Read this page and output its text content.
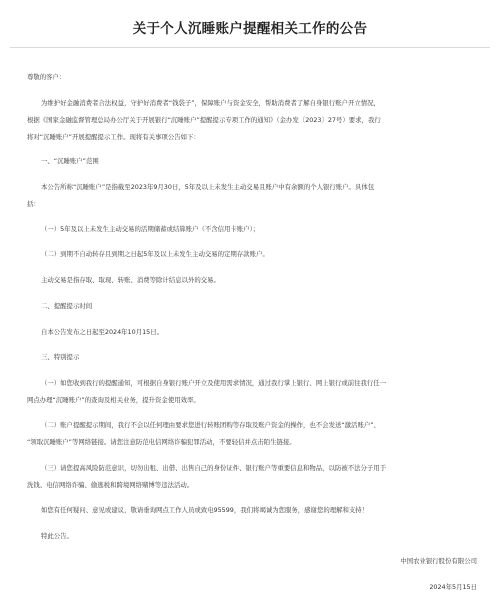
关于个人沉睡账户提醒相关工作的公告
尊敬的客户：
为维护好金融消费者合法权益，守护好消费者“钱袋子”，保障账户与资金安全，帮助消费者了解自身银行账户开立情况，
根据《国家金融监督管理总局办公厅关于开展银行“沉睡账户”提醒提示专项工作的通知》（金办发〔2023〕27号）要求，我行
将对“沉睡账户”开展提醒提示工作。现将有关事项公告如下：
一、“沉睡账户”范围
本公告所称“沉睡账户”是指截至2023年9月30日，5年及以上未发生主动交易且账户中有余额的个人银行账户。具体包
括：
（一）5年及以上未发生主动交易的活期储蓄或结算账户（不含信用卡账户）；
（二）到期不自动转存且到期之日起5年及以上未发生主动交易的定期存款账户。
主动交易是指存取、取现、转账、消费等除计结息以外的交易。
二、提醒提示时间
自本公告发布之日起至2024年10月15日。
三、特别提示
（一）如您收到我行的提醒通知，可根据自身银行账户开立及使用需求情况，通过我行掌上银行、网上银行或前往我行任一
网点办理“沉睡账户”的查询及相关业务，提升资金使用效率。
（二）账户提醒提示期间，我行不会以任何理由要求您进行转账团购等存取及账户资金的操作，也不会发送“激活账户”、
“领取沉睡账户”等网络链接。请您注意防范电信网络诈骗犯罪活动，不要轻信并点击陌生链接。
（三）请您提高风险防范意识，切勿出租、出借、出售自己的身份证件、银行账户等重要信息和物品，以防被不法分子用于
洗钱、电信网络诈骗、偷逃税和跨境网络赌博等违法活动。
如您有任何疑问、意见或建议，敬请垂询网点工作人员或致电95599，我们将竭诚为您服务，感谢您的理解和支持！
特此公告。
中国农业银行股份有限公司
2024年5月15日
